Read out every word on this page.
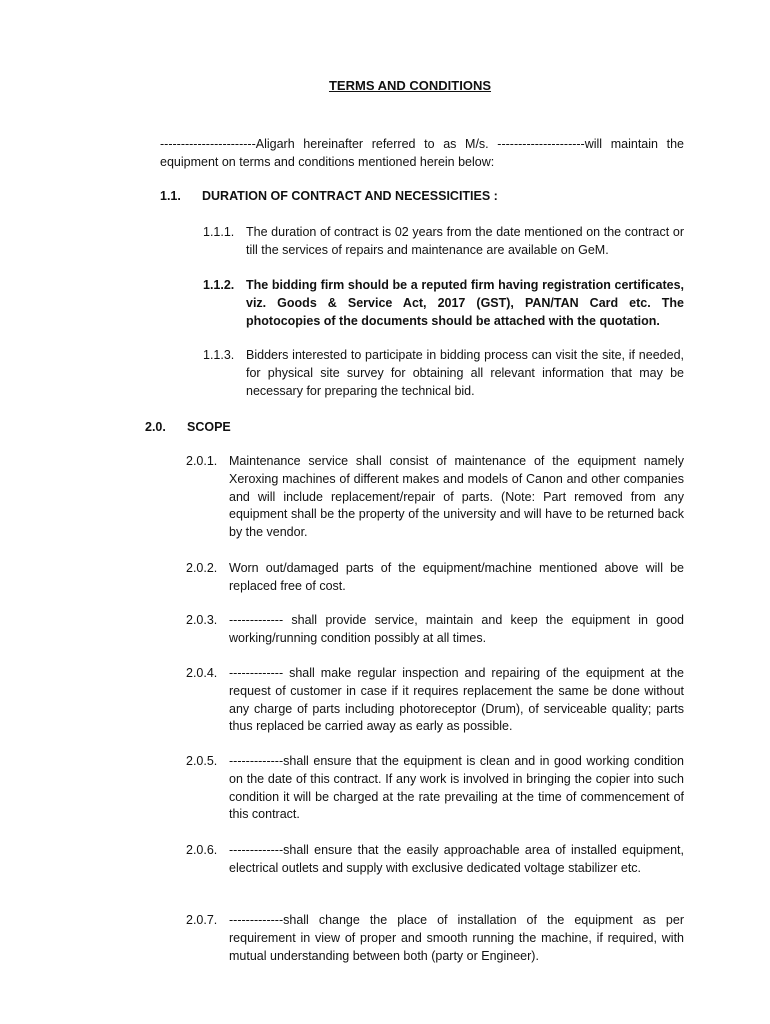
TERMS AND CONDITIONS
-----------------------Aligarh hereinafter referred to as M/s. ---------------------will maintain the equipment on terms and conditions mentioned herein below:
1.1. DURATION OF CONTRACT AND NECESSICITIES :
1.1.1. The duration of contract is 02 years from the date mentioned on the contract or till the services of repairs and maintenance are available on GeM.
1.1.2. The bidding firm should be a reputed firm having registration certificates, viz. Goods & Service Act, 2017 (GST), PAN/TAN Card etc. The photocopies of the documents should be attached with the quotation.
1.1.3. Bidders interested to participate in bidding process can visit the site, if needed, for physical site survey for obtaining all relevant information that may be necessary for preparing the technical bid.
2.0. SCOPE
2.0.1. Maintenance service shall consist of maintenance of the equipment namely Xeroxing machines of different makes and models of Canon and other companies and will include replacement/repair of parts. (Note: Part removed from any equipment shall be the property of the university and will have to be returned back by the vendor.
2.0.2. Worn out/damaged parts of the equipment/machine mentioned above will be replaced free of cost.
2.0.3. ------------- shall provide service, maintain and keep the equipment in good working/running condition possibly at all times.
2.0.4. ------------- shall make regular inspection and repairing of the equipment at the request of customer in case if it requires replacement the same be done without any charge of parts including photoreceptor (Drum), of serviceable quality; parts thus replaced be carried away as early as possible.
2.0.5. -------------shall ensure that the equipment is clean and in good working condition on the date of this contract. If any work is involved in bringing the copier into such condition it will be charged at the rate prevailing at the time of commencement of this contract.
2.0.6. -------------shall ensure that the easily approachable area of installed equipment, electrical outlets and supply with exclusive dedicated voltage stabilizer etc.
2.0.7. -------------shall change the place of installation of the equipment as per requirement in view of proper and smooth running the machine, if required, with mutual understanding between both (party or Engineer).
